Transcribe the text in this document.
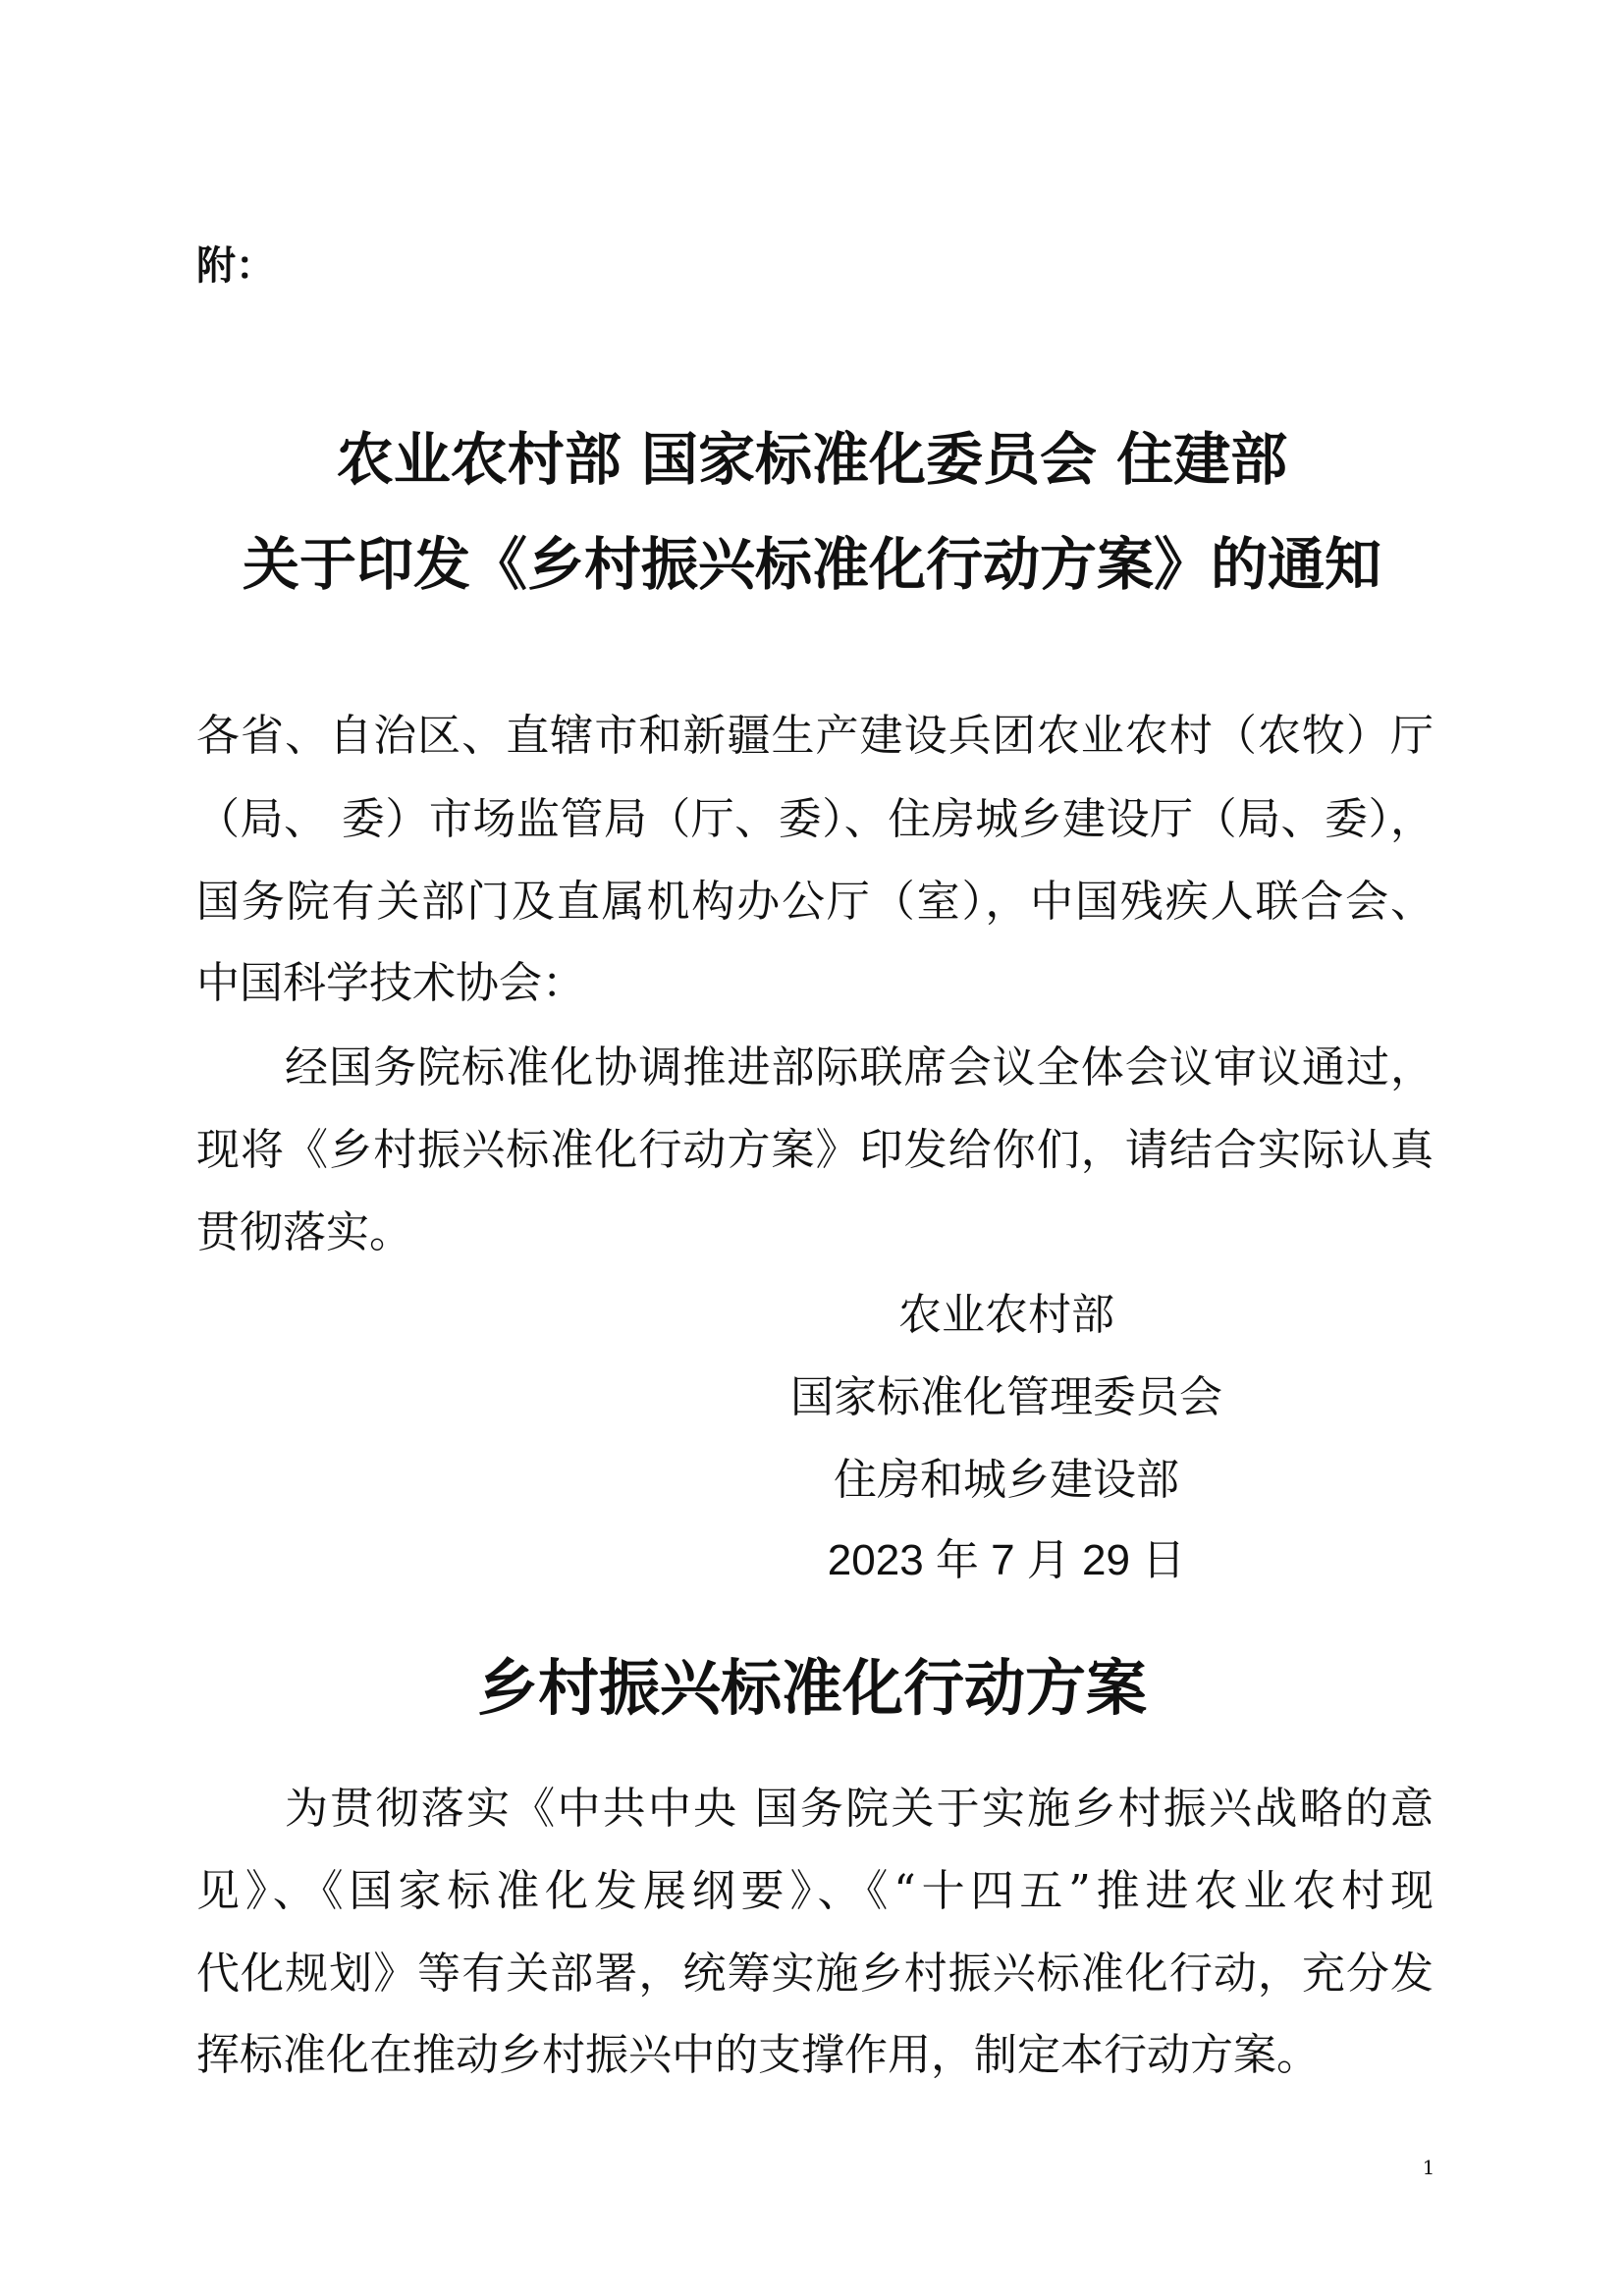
附：
农业农村部 国家标准化委员会 住建部
关于印发《乡村振兴标准化行动方案》的通知
各省、自治区、直辖市和新疆生产建设兵团农业农村（农牧）厅
（局、 委）市场监管局（厅、委）、住房城乡建设厅（局、委），
国务院有关部门及直属机构办公厅（室），中国残疾人联合会、
中国科学技术协会：
经国务院标准化协调推进部际联席会议全体会议审议通过，
现将《乡村振兴标准化行动方案》印发给你们，请结合实际认真
贯彻落实。
农业农村部
国家标准化管理委员会
住房和城乡建设部
2023 年 7 月 29 日
乡村振兴标准化行动方案
为贯彻落实《中共中央 国务院关于实施乡村振兴战略的意
见》、《国家标准化发展纲要》、《“十四五”推进农业农村现
代化规划》等有关部署，统筹实施乡村振兴标准化行动，充分发
挥标准化在推动乡村振兴中的支撑作用，制定本行动方案。
1
